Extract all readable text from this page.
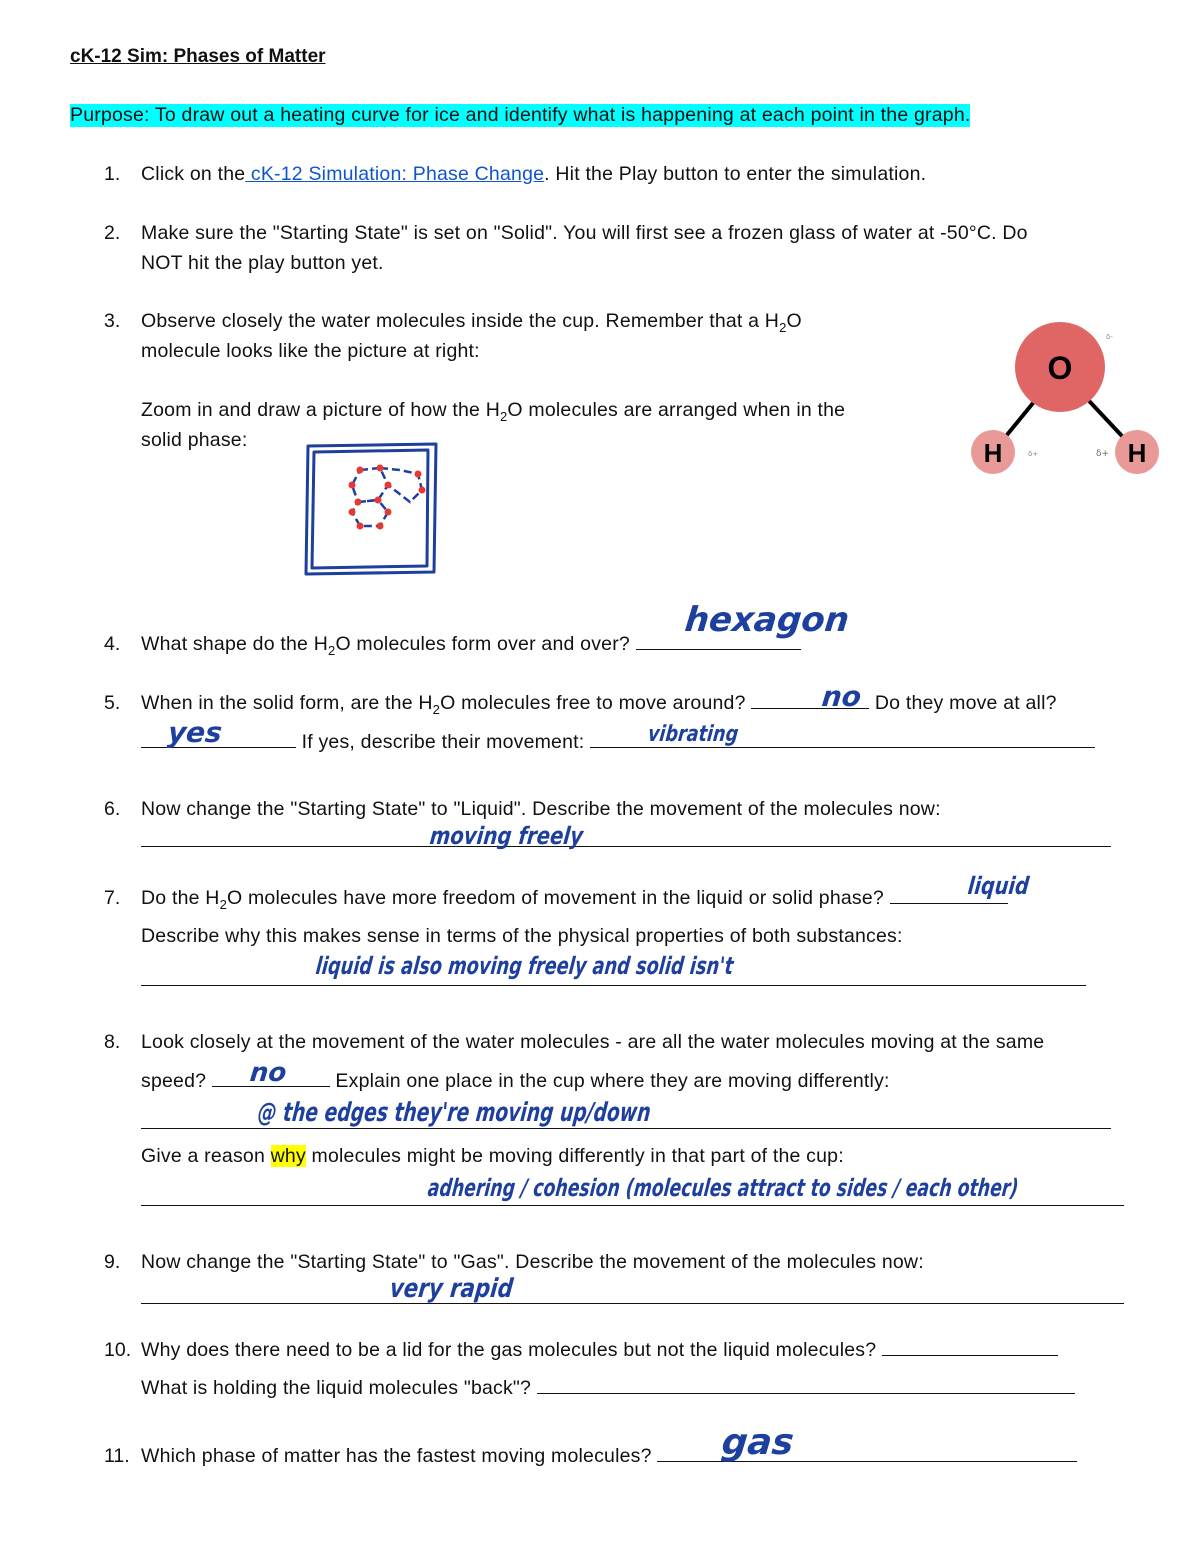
cK-12 Sim: Phases of Matter
Purpose: To draw out a heating curve for ice and identify what is happening at each point in the graph.
1. Click on the cK-12 Simulation: Phase Change. Hit the Play button to enter the simulation.
2. Make sure the "Starting State" is set on "Solid". You will first see a frozen glass of water at -50°C. Do
NOT hit the play button yet.
3. Observe closely the water molecules inside the cup. Remember that a $H_2O$
molecule looks like the picture at right:
Zoom in and draw a picture of how the $H_2O$ molecules are arranged when in the
solid phase:
O
H	H
δ-
δ+	δ+
4. What shape do the $H_2O$ molecules form over and over?
hexagon
5. When in the solid form, are the $H_2O$ molecules free to move around?	Do they move at all?
no
If yes, describe their movement:
yes	vibrating
6. Now change the "Starting State" to "Liquid". Describe the movement of the molecules now:
moving freely
7. Do the $H_2O$ molecules have more freedom of movement in the liquid or solid phase?	liquid
Describe why this makes sense in terms of the physical properties of both substances:
liquid is also moving freely and solid isn't
8. Look closely at the movement of the water molecules - are all the water molecules moving at the same
speed?	Explain one place in the cup where they are moving differently:
no
@ the edges they're moving up/down
Give a reason why molecules might be moving differently in that part of the cup:
adhering / cohesion (molecules attract to sides / each other)
9. Now change the "Starting State" to "Gas". Describe the movement of the molecules now:
very rapid
10. Why does there need to be a lid for the gas molecules but not the liquid molecules?
What is holding the liquid molecules "back"?
11. Which phase of matter has the fastest moving molecules?	gas
